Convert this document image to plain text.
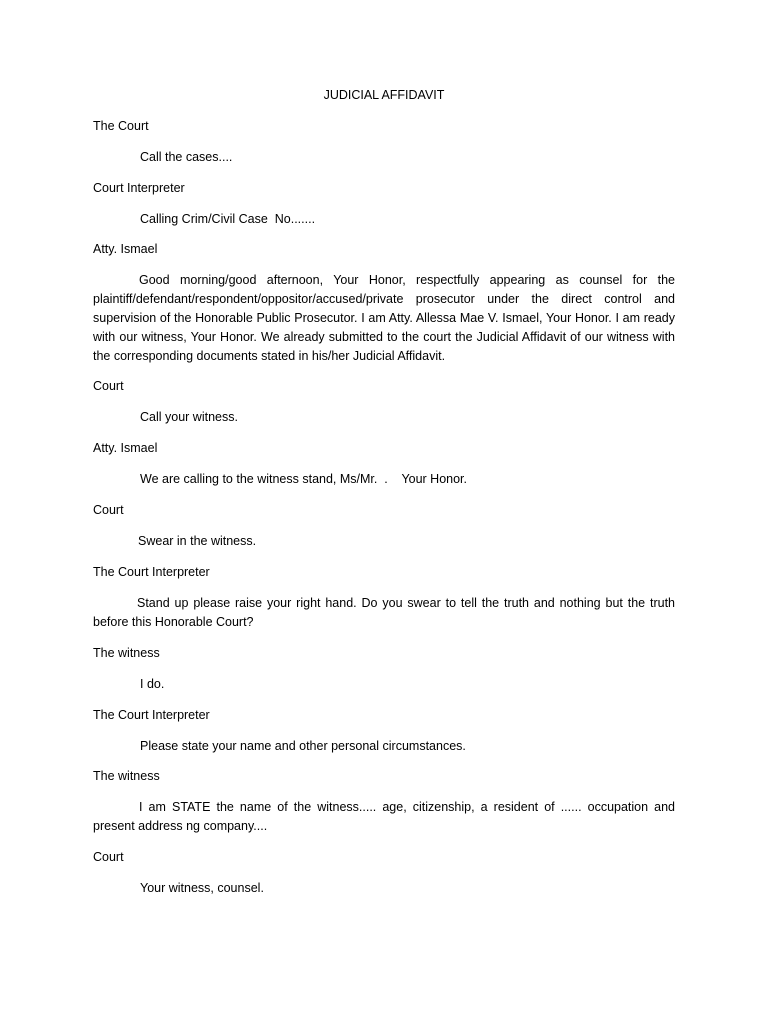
JUDICIAL AFFIDAVIT

The Court

Call the cases....

Court Interpreter

Calling Crim/Civil Case  No.......

Atty. Ismael

Good morning/good afternoon, Your Honor, respectfully appearing as counsel for the plaintiff/defendant/respondent/oppositor/accused/private prosecutor under the direct control and supervision of the Honorable Public Prosecutor. I am Atty. Allessa Mae V. Ismael, Your Honor. I am ready with our witness, Your Honor. We already submitted to the court the Judicial Affidavit of our witness with the corresponding documents stated in his/her Judicial Affidavit.

Court

Call your witness.

Atty. Ismael

We are calling to the witness stand, Ms/Mr.  .    Your Honor.

Court

Swear in the witness.

The Court Interpreter

Stand up please raise your right hand. Do you swear to tell the truth and nothing but the truth before this Honorable Court?

The witness

I do.

The Court Interpreter

Please state your name and other personal circumstances.

The witness

I am STATE the name of the witness..... age, citizenship, a resident of ...... occupation and present address ng company....

Court

Your witness, counsel.
